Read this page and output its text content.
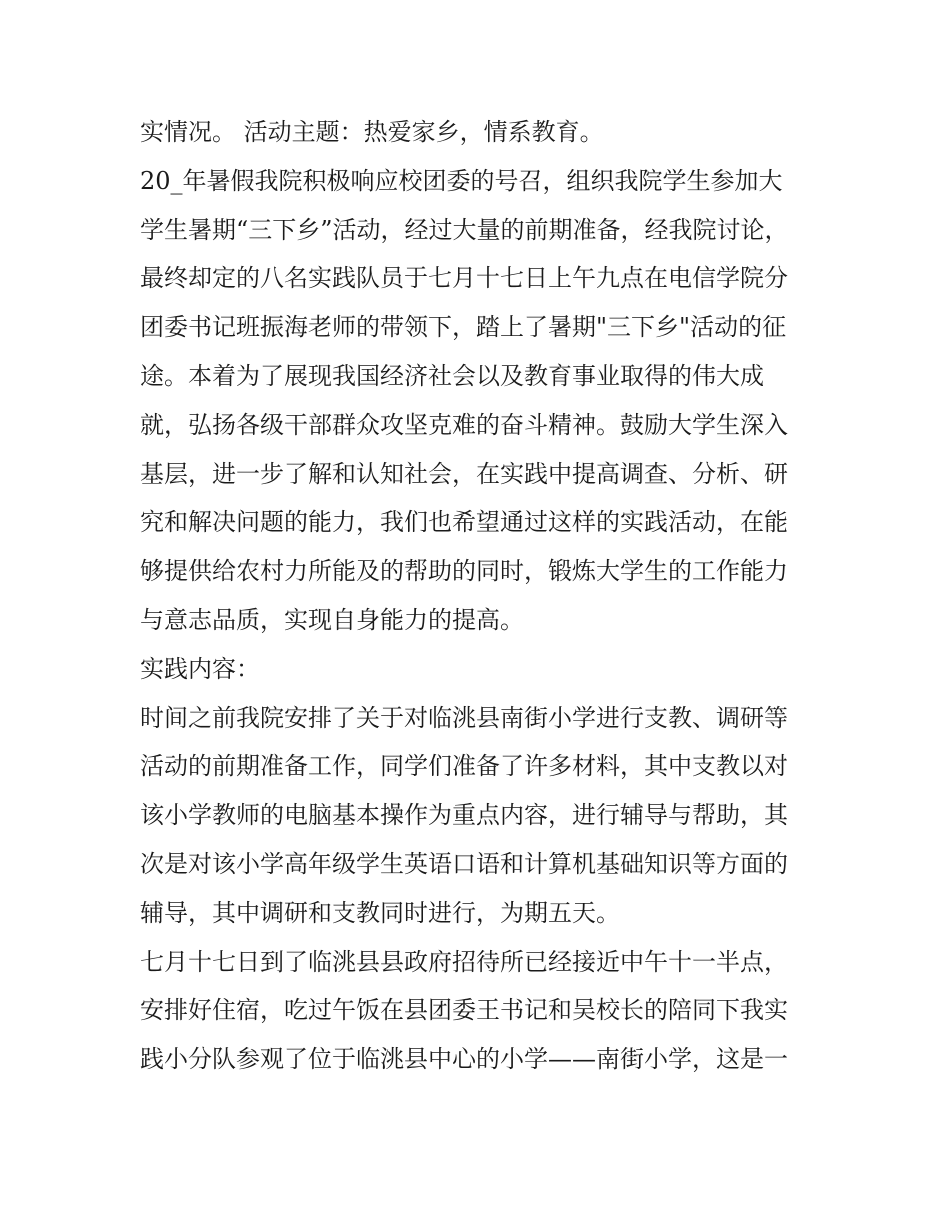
实情况。 活动主题：热爱家乡，情系教育。
20_年暑假我院积极响应校团委的号召，组织我院学生参加大
学生暑期“三下乡”活动，经过大量的前期准备，经我院讨论，
最终却定的八名实践队员于七月十七日上午九点在电信学院分
团委书记班振海老师的带领下，踏上了暑期"三下乡"活动的征
途。本着为了展现我国经济社会以及教育事业取得的伟大成
就，弘扬各级干部群众攻坚克难的奋斗精神。鼓励大学生深入
基层，进一步了解和认知社会，在实践中提高调查、分析、研
究和解决问题的能力，我们也希望通过这样的实践活动，在能
够提供给农村力所能及的帮助的同时，锻炼大学生的工作能力
与意志品质，实现自身能力的提高。
实践内容：
时间之前我院安排了关于对临洮县南街小学进行支教、调研等
活动的前期准备工作，同学们准备了许多材料，其中支教以对
该小学教师的电脑基本操作为重点内容，进行辅导与帮助，其
次是对该小学高年级学生英语口语和计算机基础知识等方面的
辅导，其中调研和支教同时进行，为期五天。
七月十七日到了临洮县县政府招待所已经接近中午十一半点，
安排好住宿，吃过午饭在县团委王书记和吴校长的陪同下我实
践小分队参观了位于临洮县中心的小学——南街小学，这是一
